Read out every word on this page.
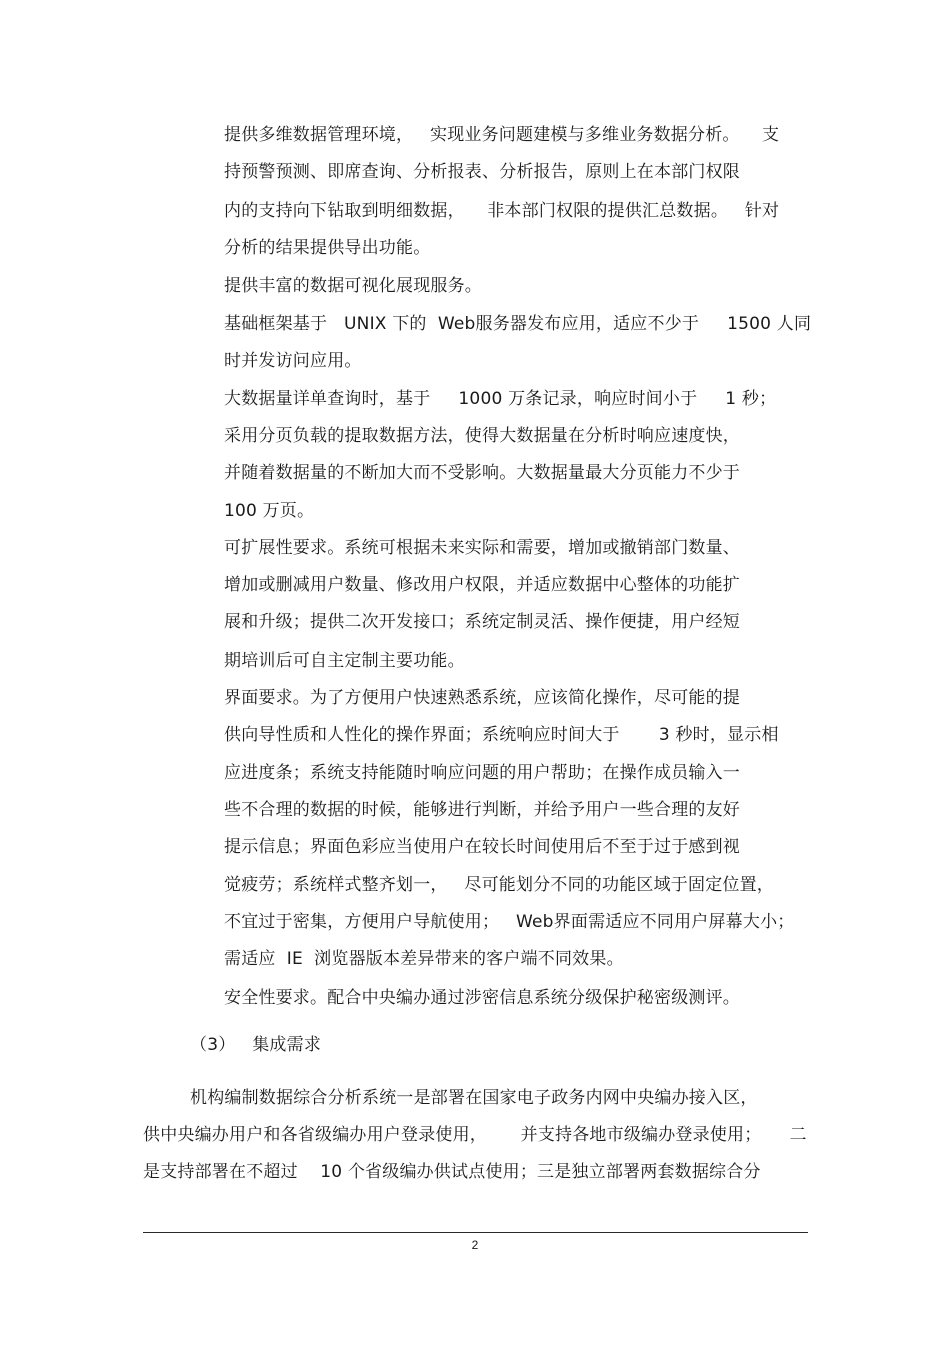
提供多维数据管理环境，   实现业务问题建模与多维业务数据分析。    支
持预警预测、即席查询、分析报表、分析报告，原则上在本部门权限
内的支持向下钻取到明细数据，    非本部门权限的提供汇总数据。   针对
分析的结果提供导出功能。
提供丰富的数据可视化展现服务。
基础框架基于   UNIX 下的  Web服务器发布应用，适应不少于     1500 人同
时并发访问应用。
大数据量详单查询时，基于     1000 万条记录，响应时间小于     1 秒；
采用分页负载的提取数据方法，使得大数据量在分析时响应速度快，
并随着数据量的不断加大而不受影响。大数据量最大分页能力不少于
100 万页。
可扩展性要求。系统可根据未来实际和需要，增加或撤销部门数量、
增加或删减用户数量、修改用户权限，并适应数据中心整体的功能扩
展和升级；提供二次开发接口；系统定制灵活、操作便捷，用户经短
期培训后可自主定制主要功能。
界面要求。为了方便用户快速熟悉系统，应该简化操作，尽可能的提
供向导性质和人性化的操作界面；系统响应时间大于       3 秒时，显示相
应进度条；系统支持能随时响应问题的用户帮助；在操作成员输入一
些不合理的数据的时候，能够进行判断，并给予用户一些合理的友好
提示信息；界面色彩应当使用户在较长时间使用后不至于过于感到视
觉疲劳；系统样式整齐划一，   尽可能划分不同的功能区域于固定位置，
不宜过于密集，方便用户导航使用；   Web界面需适应不同用户屏幕大小；
需适应  IE  浏览器版本差异带来的客户端不同效果。
安全性要求。配合中央编办通过涉密信息系统分级保护秘密级测评。
（3）   集成需求
机构编制数据综合分析系统一是部署在国家电子政务内网中央编办接入区，
供中央编办用户和各省级编办用户登录使用，      并支持各地市级编办登录使用；     二
是支持部署在不超过    10 个省级编办供试点使用；三是独立部署两套数据综合分
2
